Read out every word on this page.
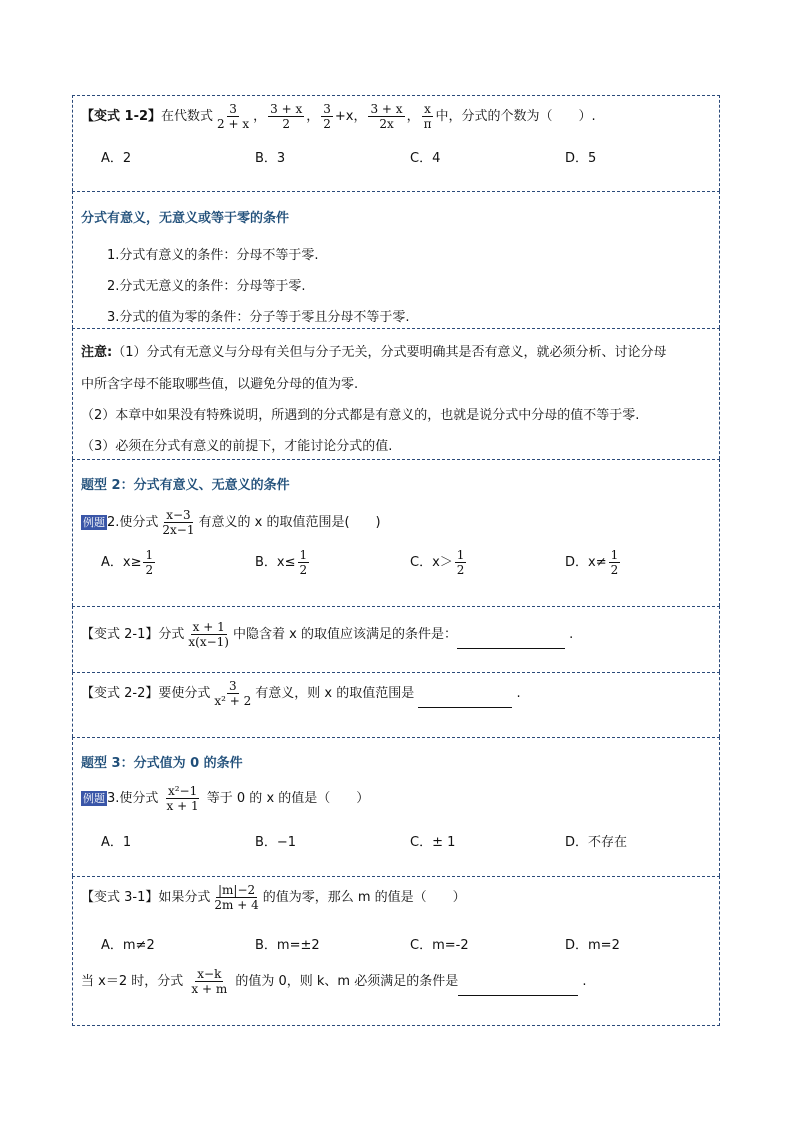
【变式 1-2】在代数式 $\frac{3}{2 + x}$ ， $\frac{3 + x}{2}$ ， $\frac{3}{2} +x$， $\frac{3 + x}{2x}$ ， $\frac{x}{\pi}$ 中，分式的个数为（　　）.
A．2	B．3	C．4	D．5
分式有意义，无意义或等于零的条件
1.分式有意义的条件：分母不等于零.
2.分式无意义的条件：分母等于零.
3.分式的值为零的条件：分子等于零且分母不等于零.
注意:（1）分式有无意义与分母有关但与分子无关，分式要明确其是否有意义，就必须分析、讨论分母
中所含字母不能取哪些值，以避免分母的值为零.
（2）本章中如果没有特殊说明，所遇到的分式都是有意义的，也就是说分式中分母的值不等于零.
（3）必须在分式有意义的前提下，才能讨论分式的值.
题型 2：分式有意义、无意义的条件
例题 2.使分式 $\frac{x-3}{2x-1}$ 有意义的 x 的取值范围是(　　)
A．$x\ge \frac{1}{2}$	B．$x\le \frac{1}{2}$	C．$x> \frac{1}{2}$	D．$x\ne \frac{1}{2}$
【变式 2-1】分式 $\frac{x + 1}{x(x-1)}$ 中隐含着 x 的取值应该满足的条件是：	.
【变式 2-2】要使分式 $\frac{3}{\text{x² + 2}}$ 有意义，则 x 的取值范围是	.
题型 3：分式值为 0 的条件
例题 3.使分式 $\frac{\text{x²−1}}{x + 1}$ 等于 0 的 x 的值是（　　）
A．1	B．−1	C．± 1	D．不存在
【变式 3-1】如果分式 $\frac{|m|-2}{2m + 4}$ 的值为零，那么 m 的值是（　　）
A．m≠2	B．m=±2	C．m=-2	D．m=2
当 x＝2 时，分式 $\frac{x-k}{x + m}$ 的值为 0，则 k、m 必须满足的条件是	.
